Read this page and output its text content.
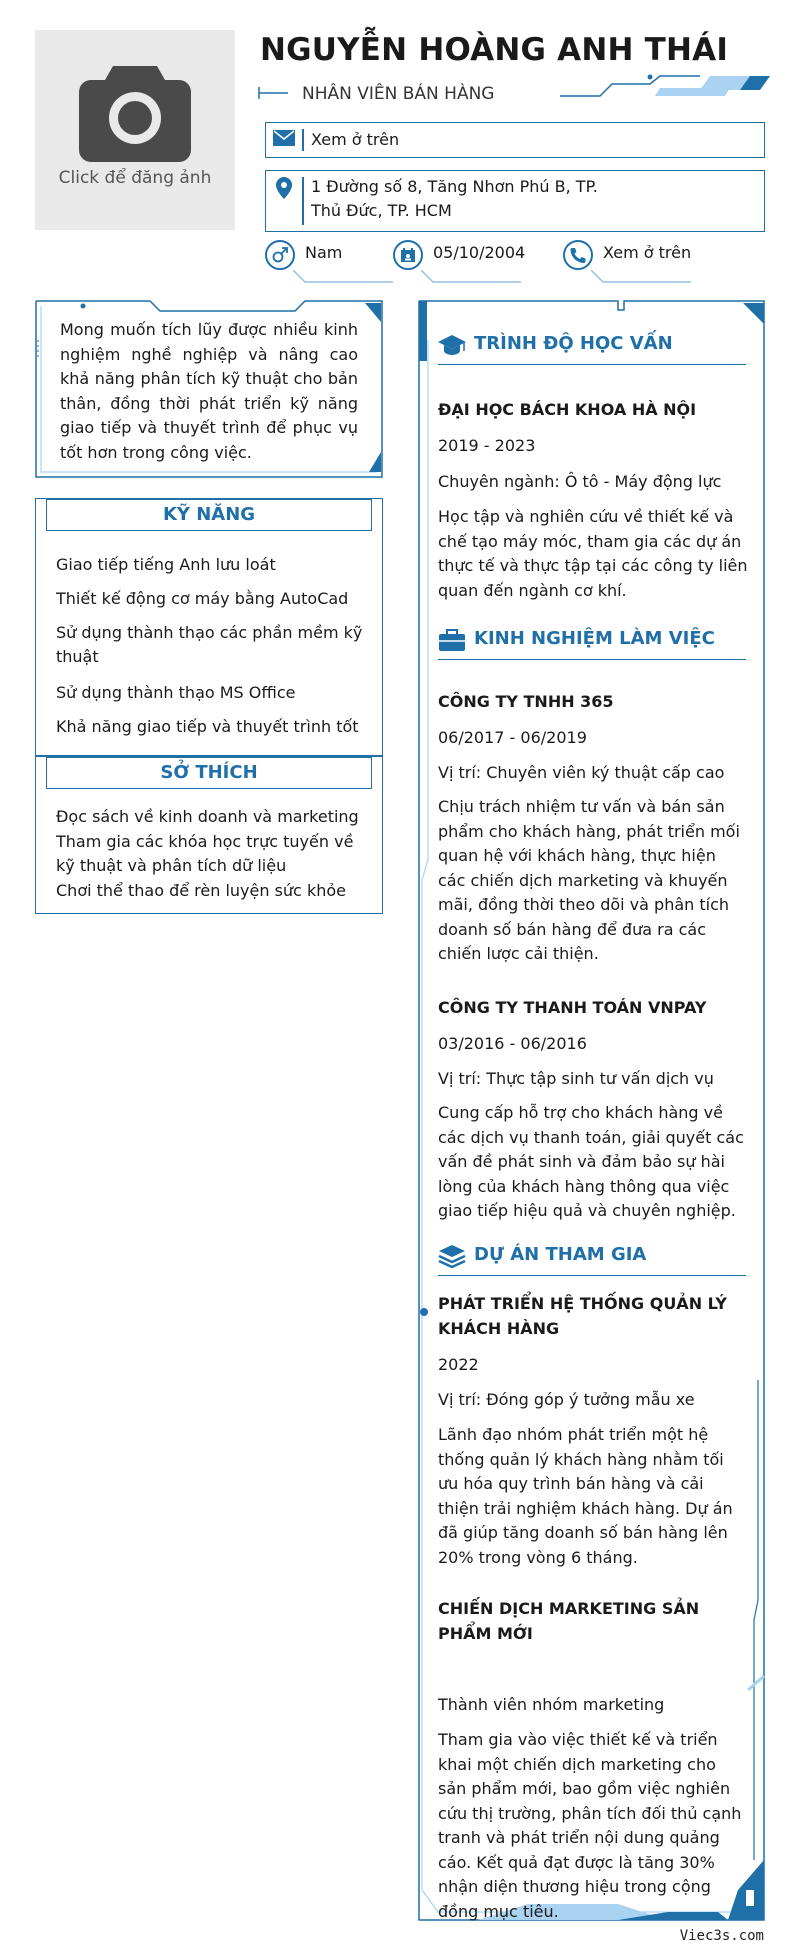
Click để đăng ảnh
NGUYỄN HOÀNG ANH THÁI
NHÂN VIÊN BÁN HÀNG
Xem ở trên
1 Đường số 8, Tăng Nhơn Phú B, TP. Thủ Đức, TP. HCM
Nam	05/10/2004	Xem ở trên
Mong muốn tích lũy được nhiều kinh nghiệm nghề nghiệp và nâng cao khả năng phân tích kỹ thuật cho bản thân, đồng thời phát triển kỹ năng giao tiếp và thuyết trình để phục vụ tốt hơn trong công việc.
KỸ NĂNG
Giao tiếp tiếng Anh lưu loát
Thiết kế động cơ máy bằng AutoCad
Sử dụng thành thạo các phần mềm kỹ thuật
Sử dụng thành thạo MS Office
Khả năng giao tiếp và thuyết trình tốt
SỞ THÍCH
Đọc sách về kinh doanh và marketing
Tham gia các khóa học trực tuyến về kỹ thuật và phân tích dữ liệu
Chơi thể thao để rèn luyện sức khỏe
TRÌNH ĐỘ HỌC VẤN
ĐẠI HỌC BÁCH KHOA HÀ NỘI
2019 - 2023
Chuyên ngành: Ô tô - Máy động lực
Học tập và nghiên cứu về thiết kế và chế tạo máy móc, tham gia các dự án thực tế và thực tập tại các công ty liên quan đến ngành cơ khí.
KINH NGHIỆM LÀM VIỆC
CÔNG TY TNHH 365
06/2017 - 06/2019
Vị trí: Chuyên viên ký thuật cấp cao
Chịu trách nhiệm tư vấn và bán sản phẩm cho khách hàng, phát triển mối quan hệ với khách hàng, thực hiện các chiến dịch marketing và khuyến mãi, đồng thời theo dõi và phân tích doanh số bán hàng để đưa ra các chiến lược cải thiện.
CÔNG TY THANH TOÁN VNPAY
03/2016 - 06/2016
Vị trí: Thực tập sinh tư vấn dịch vụ
Cung cấp hỗ trợ cho khách hàng về các dịch vụ thanh toán, giải quyết các vấn đề phát sinh và đảm bảo sự hài lòng của khách hàng thông qua việc giao tiếp hiệu quả và chuyên nghiệp.
DỰ ÁN THAM GIA
PHÁT TRIỂN HỆ THỐNG QUẢN LÝ KHÁCH HÀNG
2022
Vị trí: Đóng góp ý tưởng mẫu xe
Lãnh đạo nhóm phát triển một hệ thống quản lý khách hàng nhằm tối ưu hóa quy trình bán hàng và cải thiện trải nghiệm khách hàng. Dự án đã giúp tăng doanh số bán hàng lên 20% trong vòng 6 tháng.
CHIẾN DỊCH MARKETING SẢN PHẨM MỚI
Thành viên nhóm marketing
Tham gia vào việc thiết kế và triển khai một chiến dịch marketing cho sản phẩm mới, bao gồm việc nghiên cứu thị trường, phân tích đối thủ cạnh tranh và phát triển nội dung quảng cáo. Kết quả đạt được là tăng 30% nhận diện thương hiệu trong cộng đồng mục tiêu.
Viec3s.com
